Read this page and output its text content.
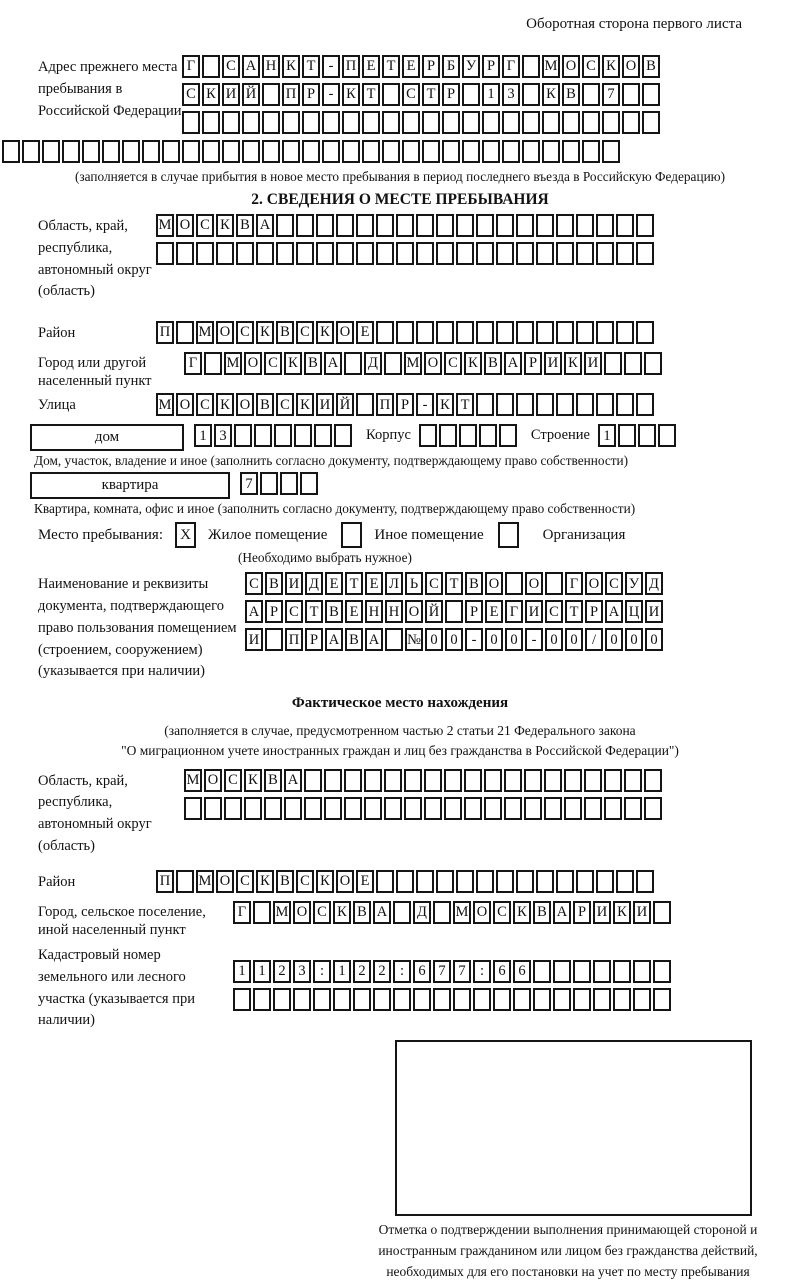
Оборотная сторона первого листа
Адрес прежнего места пребывания в Российской Федерации
Г С А Н К Т - П Е Т Е Р Б У Р Г М О С К О В
С К И Й П Р - К Т С Т Р 1 3 К В 7
(заполняется в случае прибытия в новое место пребывания в период последнего въезда в Российскую Федерацию)
2. СВЕДЕНИЯ О МЕСТЕ ПРЕБЫВАНИЯ
Область, край, республика, автономный округ (область)
М О С К В А
Район	П М О С К В С К О Е
Город или другой населенный пункт
Г М О С К В А Д М О С К В А Р И К И
Улица	М О С К О В С К И Й П Р - К Т
дом	1 3	Корпус	Строение 1
Дом, участок, владение и иное (заполнить согласно документу, подтверждающему право собственности)
квартира	7
Квартира, комната, офис и иное (заполнить согласно документу, подтверждающему право собственности)
Место пребывания:	X	Жилое помещение	Иное помещение	Организация
(Необходимо выбрать нужное)
Наименование и реквизиты документа, подтверждающего право пользования помещением (строением, сооружением) (указывается при наличии)
С В И Д Е Т Е Л Ь С Т В О О Г О С У Д
А Р С Т В Е Н Н О Й Р Е Г И С Т Р А Ц И
И П Р А В А № 0 0 - 0 0 - 0 0 / 0 0 0
Фактическое место нахождения
(заполняется в случае, предусмотренном частью 2 статьи 21 Федерального закона
"О миграционном учете иностранных граждан и лиц без гражданства в Российской Федерации")
Область, край, республика, автономный округ (область)
М О С К В А
Район	П М О С К В С К О Е
Город, сельское поселение, иной населенный пункт
Г М О С К В А Д М О С К В А Р И К И
Кадастровый номер земельного или лесного участка (указывается при наличии)
1 1 2 3 : 1 2 2 : 6 7 7 : 6 6
Отметка о подтверждении выполнения принимающей стороной и иностранным гражданином или лицом без гражданства действий, необходимых для его постановки на учет по месту пребывания
